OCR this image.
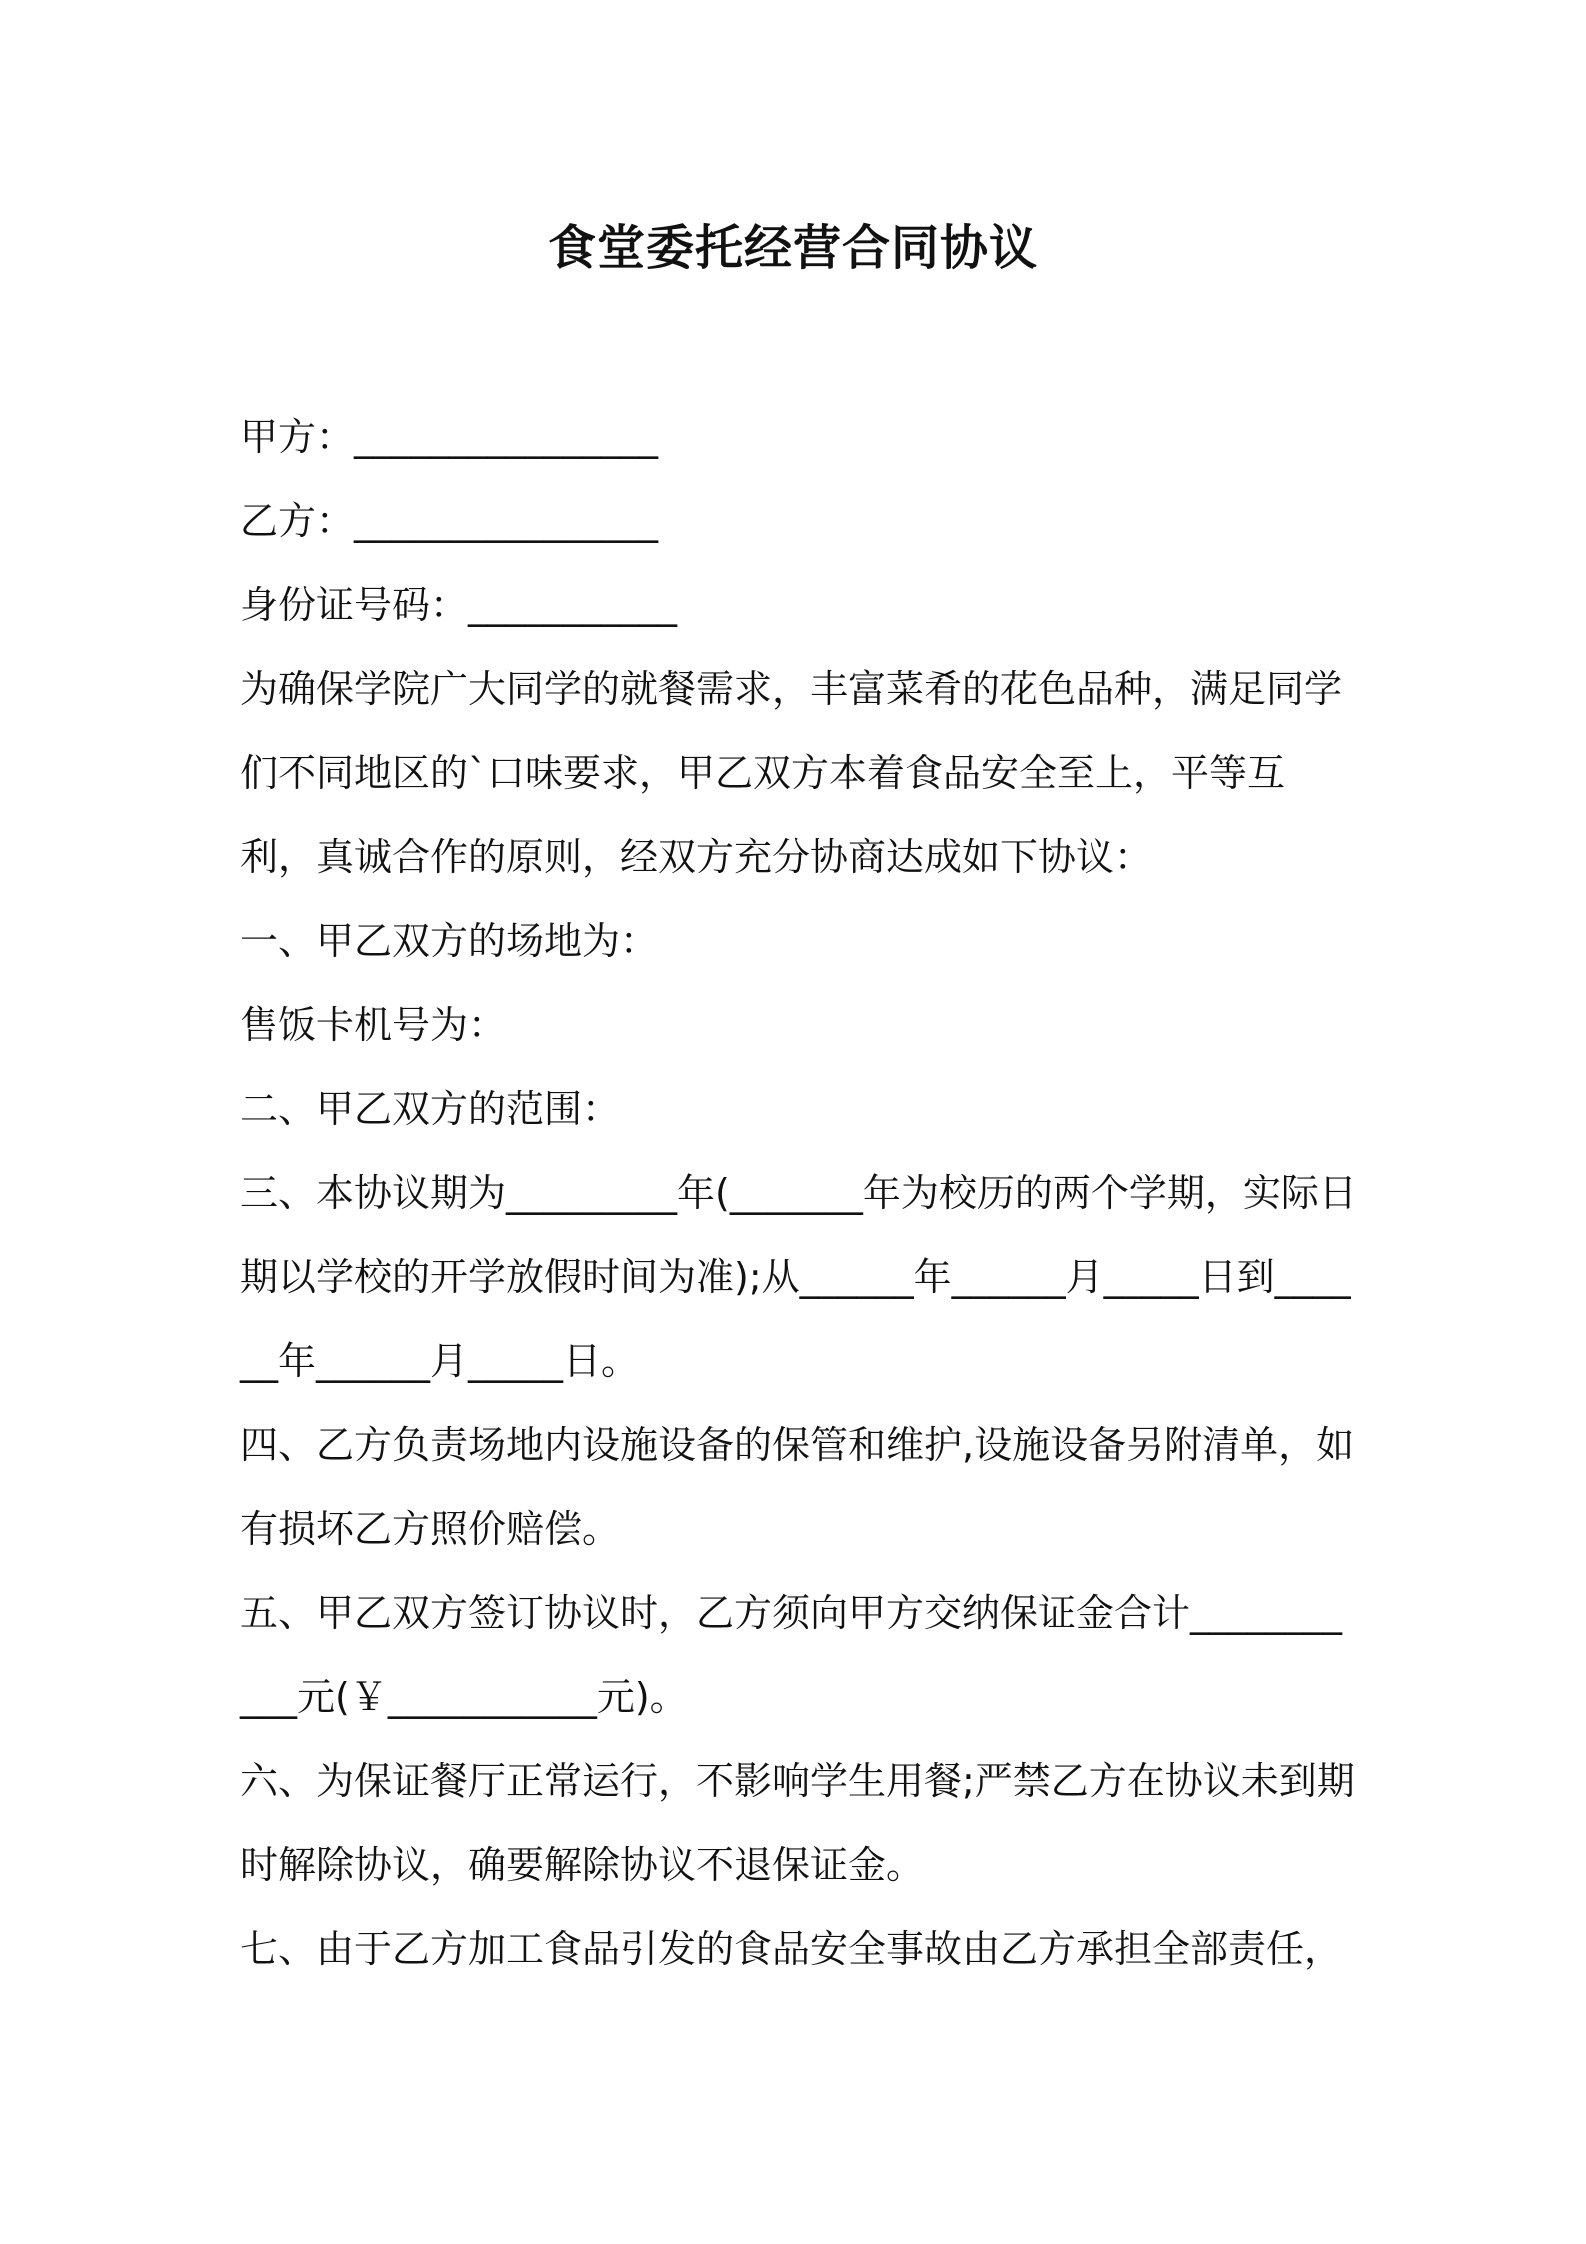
食堂委托经营合同协议

甲方：________________

乙方：________________

身份证号码：___________

为确保学院广大同学的就餐需求，丰富菜肴的花色品种，满足同学们不同地区的`口味要求，甲乙双方本着食品安全至上，平等互利，真诚合作的原则，经双方充分协商达成如下协议：

一、甲乙双方的场地为：

售饭卡机号为：

二、甲乙双方的范围：

三、本协议期为_________年(_______年为校历的两个学期，实际日期以学校的开学放假时间为准);从______年______月_____日到______年______月_____日。

四、乙方负责场地内设施设备的保管和维护,设施设备另附清单，如有损坏乙方照价赔偿。

五、甲乙双方签订协议时，乙方须向甲方交纳保证金合计___________元(￥___________元)。

六、为保证餐厅正常运行，不影响学生用餐;严禁乙方在协议未到期时解除协议，确要解除协议不退保证金。

七、由于乙方加工食品引发的食品安全事故由乙方承担全部责任，
